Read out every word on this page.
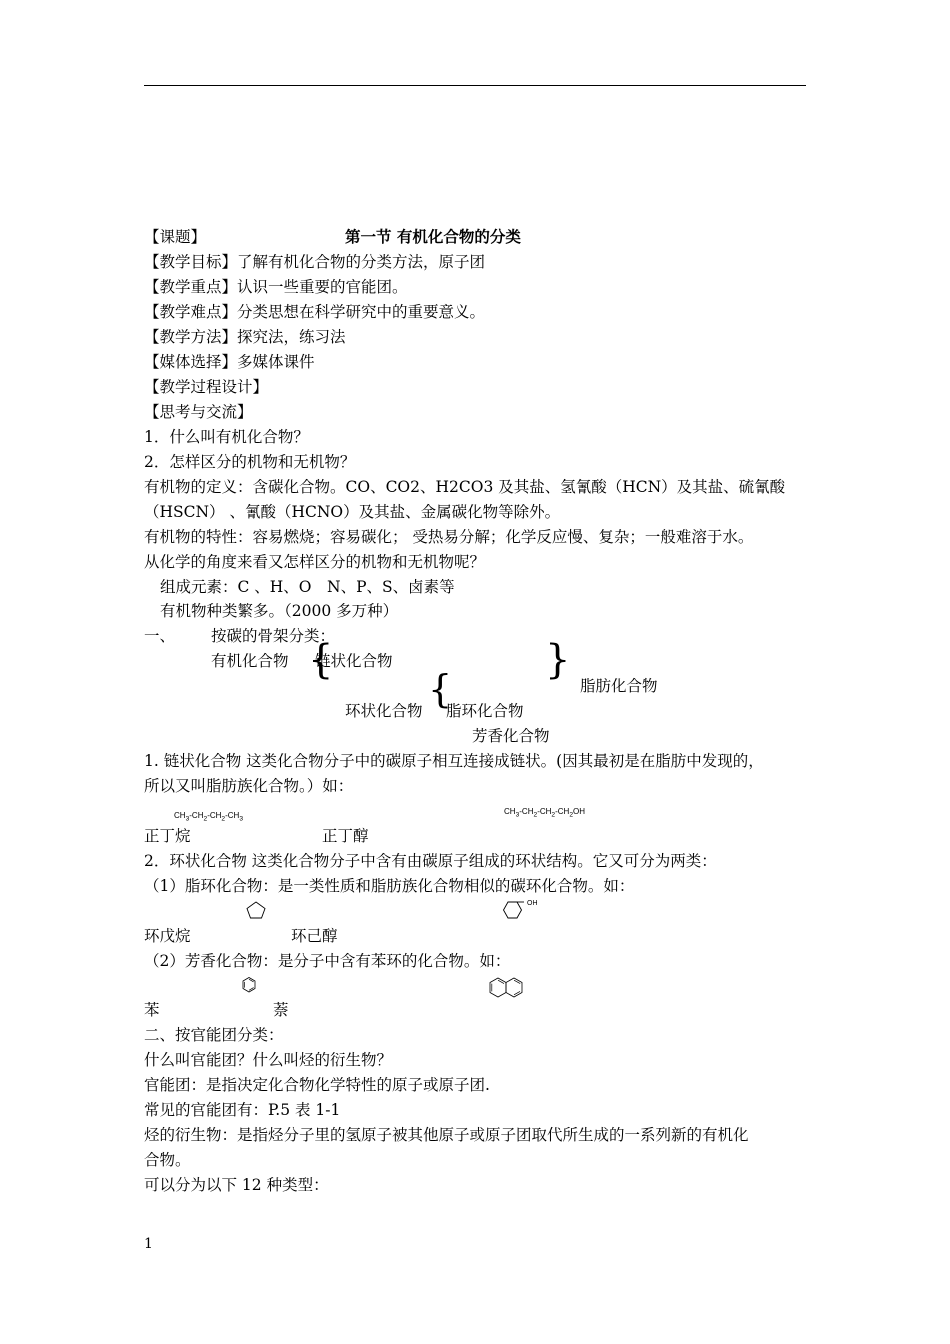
【课题】	第一节 有机化合物的分类
【教学目标】了解有机化合物的分类方法，原子团
【教学重点】认识一些重要的官能团。
【教学难点】分类思想在科学研究中的重要意义。
【教学方法】探究法，练习法
【媒体选择】多媒体课件
【教学过程设计】
【思考与交流】
1．什么叫有机化合物？
2．怎样区分的机物和无机物？
有机物的定义：含碳化合物。CO、CO2、H2CO3 及其盐、氢氰酸（HCN）及其盐、硫氰酸
（HSCN） 、氰酸（HCNO）及其盐、金属碳化物等除外。
有机物的特性：容易燃烧；容易碳化； 受热易分解；化学反应慢、复杂；一般难溶于水。
从化学的角度来看又怎样区分的机物和无机物呢？
组成元素：C 、H、O　N、P、S、卤素等
有机物种类繁多。（2000 多万种）
一、 按碳的骨架分类：
有机化合物 {
链状化合物	}
脂肪化合物
{
环状化合物 脂环化合物
芳香化合物
1. 链状化合物 这类化合物分子中的碳原子相互连接成链状。(因其最初是在脂肪中发现的，
所以又叫脂肪族化合物。）如：
$CH_3-CH_2-CH_2-CH_3$
$CH_3-CH_2-CH_2-CH_2OH$
正丁烷	正丁醇
2．环状化合物 这类化合物分子中含有由碳原子组成的环状结构。它又可分为两类：
（1）脂环化合物：是一类性质和脂肪族化合物相似的碳环化合物。如：
OH
环戊烷	环己醇
（2）芳香化合物：是分子中含有苯环的化合物。如：
苯	萘
二、按官能团分类：
什么叫官能团？什么叫烃的衍生物？
官能团：是指决定化合物化学特性的原子或原子团.
常见的官能团有：P.5 表 1-1
烃的衍生物：是指烃分子里的氢原子被其他原子或原子团取代所生成的一系列新的有机化
合物。
可以分为以下 12 种类型：
1
